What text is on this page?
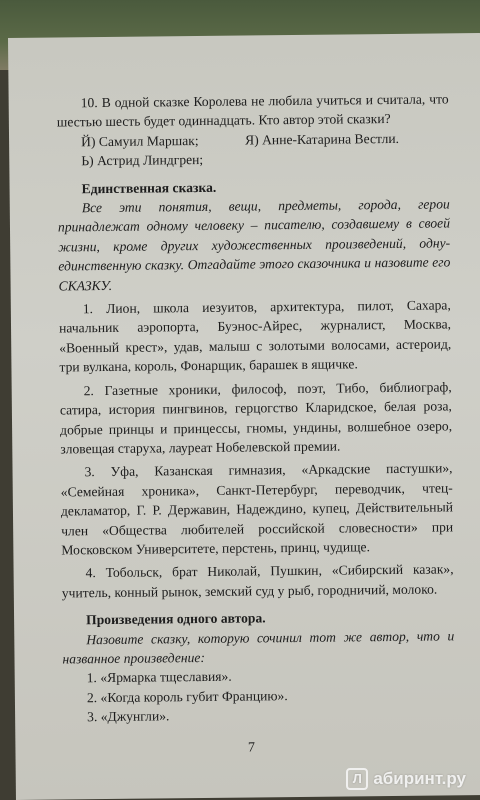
10. В одной сказке Королева не любила учиться и считала, что шестью шесть будет одиннадцать. Кто автор этой сказки?

Й) Самуил Маршак;	Я) Анне-Катарина Вестли.
Ь) Астрид Линдгрен;

Единственная сказка.

Все эти понятия, вещи, предметы, города, герои принадлежат одному человеку – писателю, создавшему в своей жизни, кроме других художественных произведений, одну-единственную сказку. Отгадайте этого сказочника и назовите его СКАЗКУ.

1. Лион, школа иезуитов, архитектура, пилот, Сахара, начальник аэропорта, Буэнос-Айрес, журналист, Москва, «Военный крест», удав, малыш с золотыми волосами, астероид, три вулкана, король, Фонарщик, барашек в ящичке.

2. Газетные хроники, философ, поэт, Тибо, библиограф, сатира, история пингвинов, герцогство Кларидское, белая роза, добрые принцы и принцессы, гномы, ундины, волшебное озеро, зловещая старуха, лауреат Нобелевской премии.

3. Уфа, Казанская гимназия, «Аркадские пастушки», «Семейная хроника», Санкт-Петербург, переводчик, чтец-декламатор, Г. Р. Державин, Надеждино, купец, Действительный член «Общества любителей российской словесности» при Московском Университете, перстень, принц, чудище.

4. Тобольск, брат Николай, Пушкин, «Сибирский казак», учитель, конный рынок, земский суд у рыб, городничий, молоко.

Произведения одного автора.

Назовите сказку, которую сочинил тот же автор, что и названное произведение:

1. «Ярмарка тщеславия».

2. «Когда король губит Францию».

3. «Джунгли».

7
Л абиринт.ру
